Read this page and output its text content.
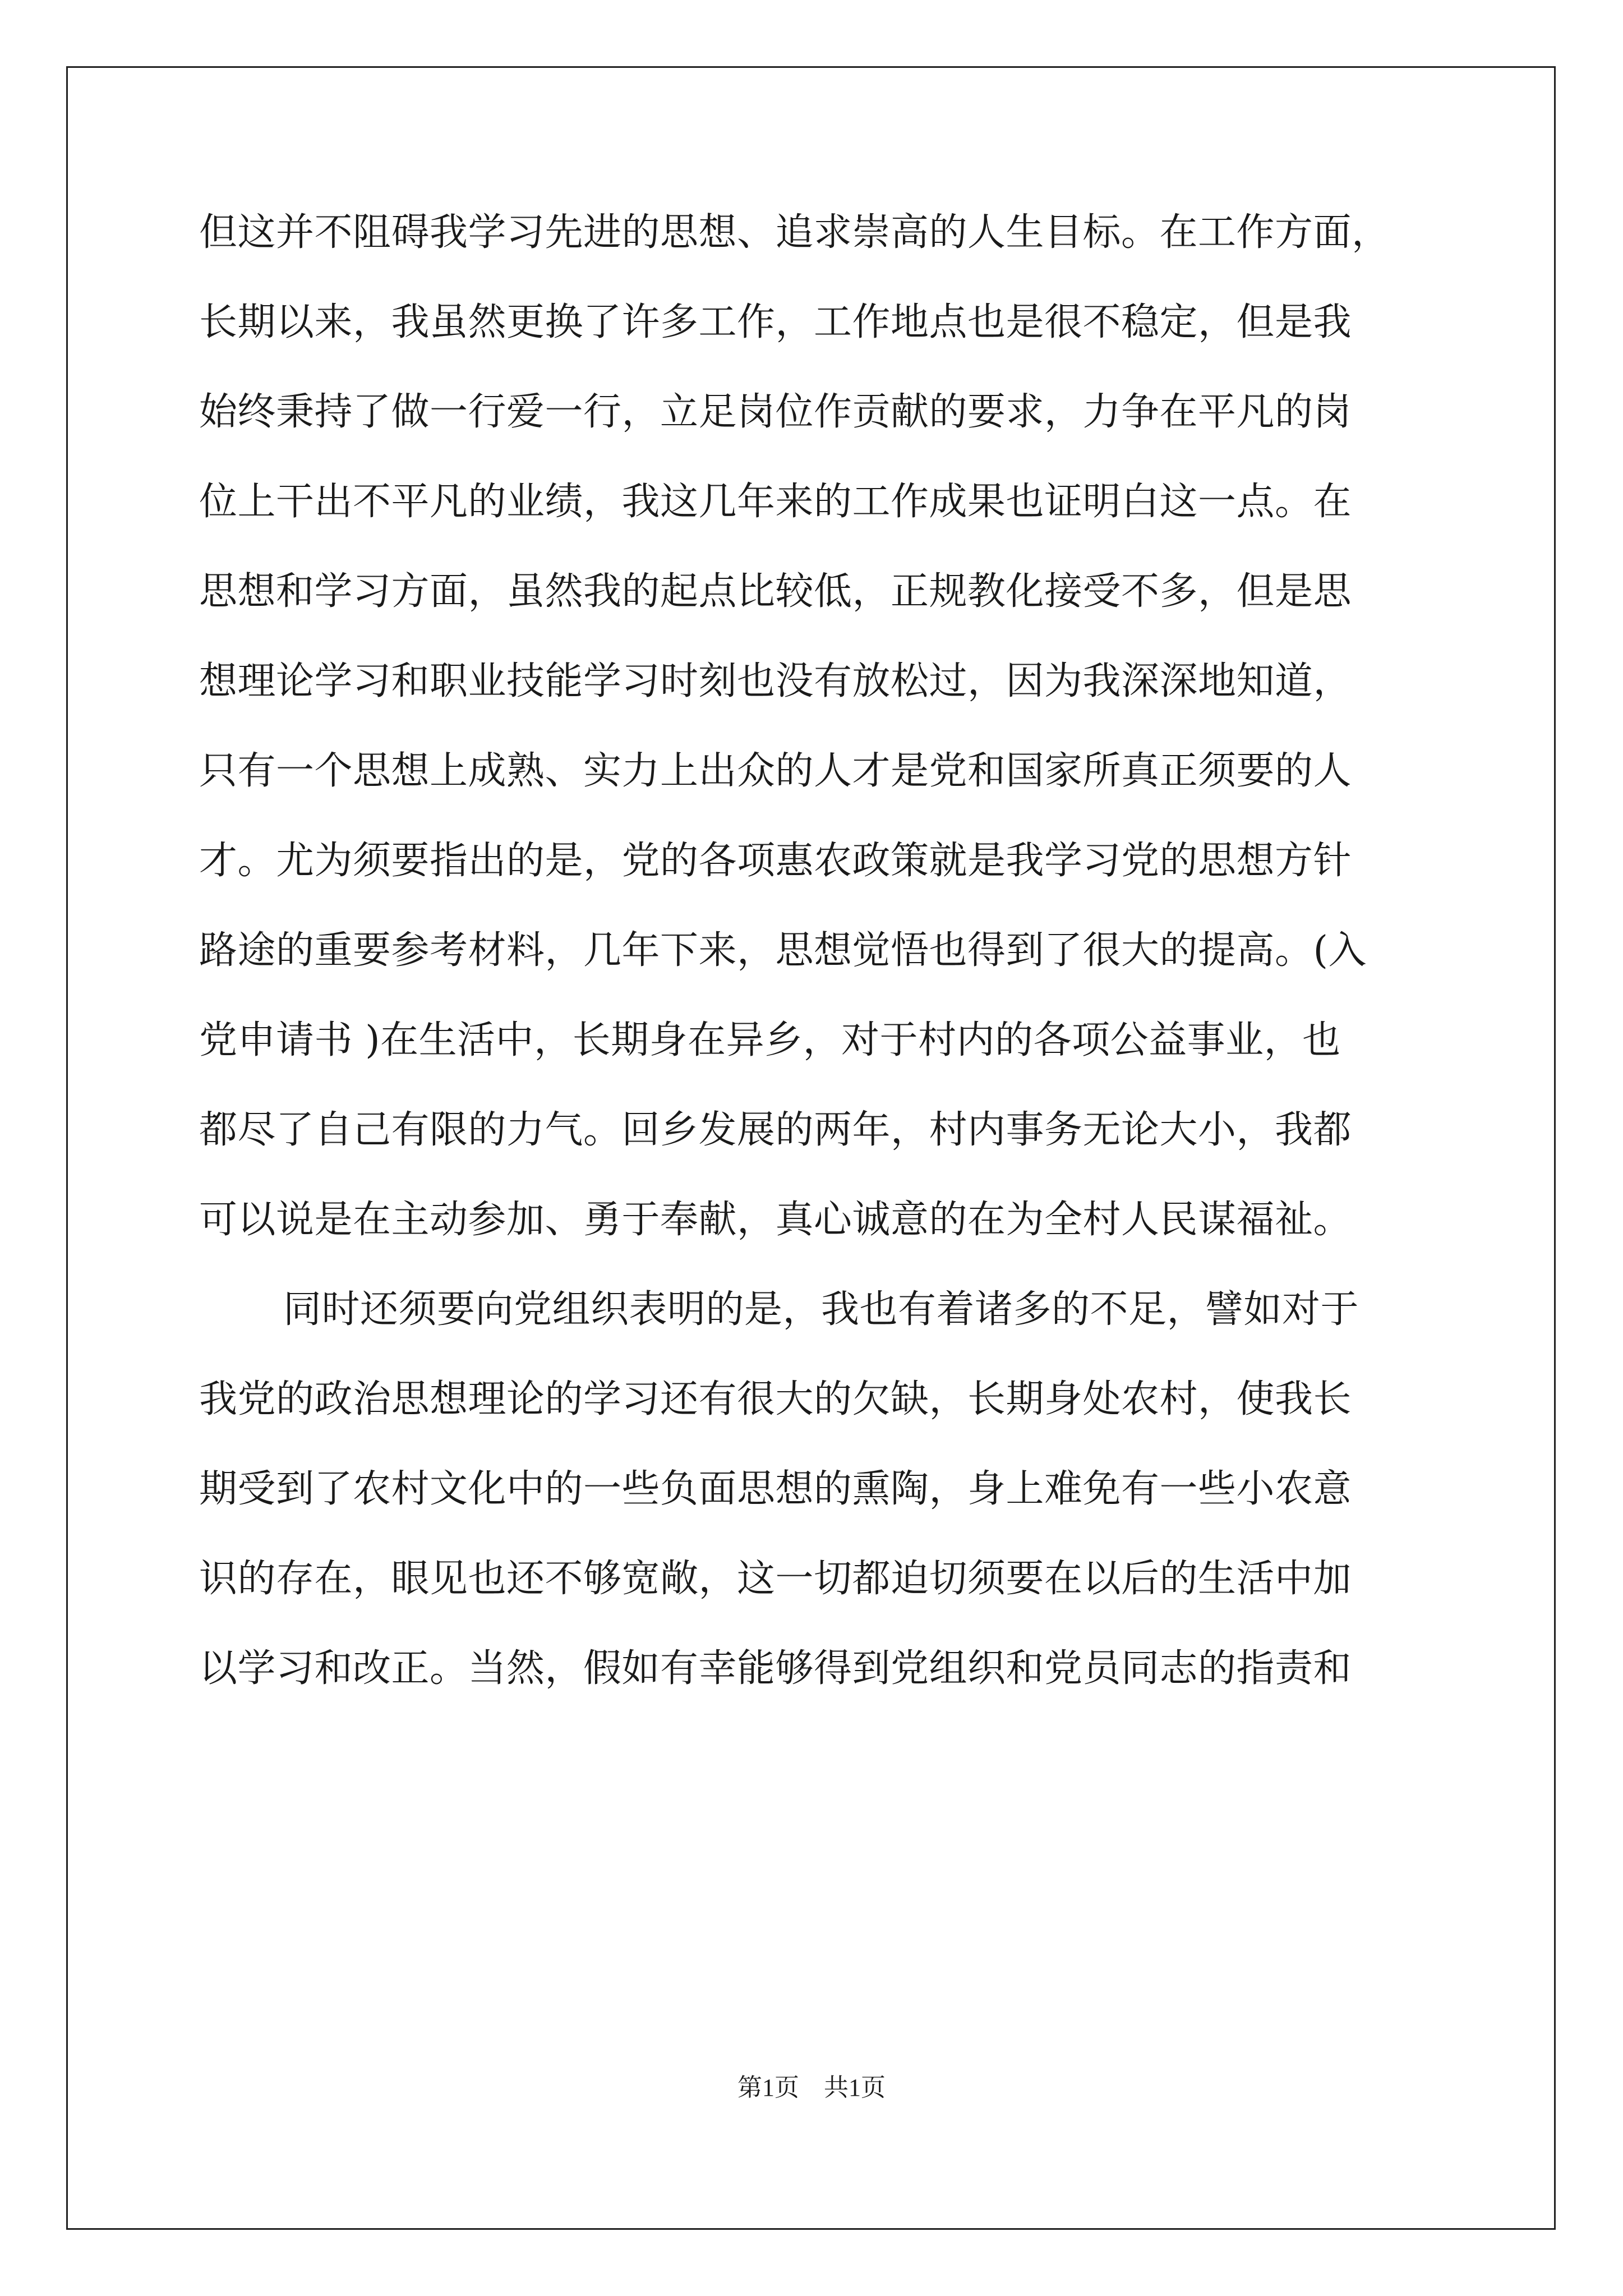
但这并不阻碍我学习先进的思想、追求崇高的人生目标。在工作方面，
长期以来，我虽然更换了许多工作，工作地点也是很不稳定，但是我
始终秉持了做一行爱一行，立足岗位作贡献的要求，力争在平凡的岗
位上干出不平凡的业绩，我这几年来的工作成果也证明白这一点。在
思想和学习方面，虽然我的起点比较低，正规教化接受不多，但是思
想理论学习和职业技能学习时刻也没有放松过，因为我深深地知道，
只有一个思想上成熟、实力上出众的人才是党和国家所真正须要的人
才。尤为须要指出的是，党的各项惠农政策就是我学习党的思想方针
路途的重要参考材料，几年下来，思想觉悟也得到了很大的提高。(入
党申请书 )在生活中，长期身在异乡，对于村内的各项公益事业，也
都尽了自己有限的力气。回乡发展的两年，村内事务无论大小，我都
可以说是在主动参加、勇于奉献，真心诚意的在为全村人民谋福祉。
同时还须要向党组织表明的是，我也有着诸多的不足，譬如对于
我党的政治思想理论的学习还有很大的欠缺，长期身处农村，使我长
期受到了农村文化中的一些负面思想的熏陶，身上难免有一些小农意
识的存在，眼见也还不够宽敞，这一切都迫切须要在以后的生活中加
以学习和改正。当然，假如有幸能够得到党组织和党员同志的指责和
第1页　共1页
